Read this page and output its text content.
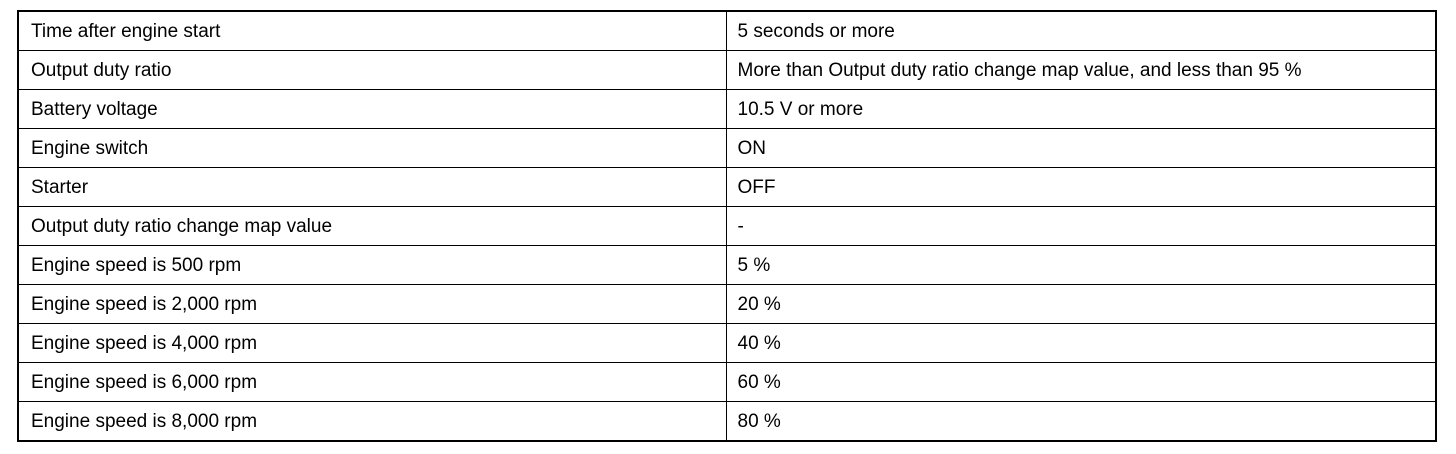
Time after engine start	5 seconds or more
Output duty ratio	More than Output duty ratio change map value, and less than 95 %
Battery voltage	10.5 V or more
Engine switch	ON
Starter	OFF
Output duty ratio change map value	-
Engine speed is 500 rpm	5 %
Engine speed is 2,000 rpm	20 %
Engine speed is 4,000 rpm	40 %
Engine speed is 6,000 rpm	60 %
Engine speed is 8,000 rpm	80 %
